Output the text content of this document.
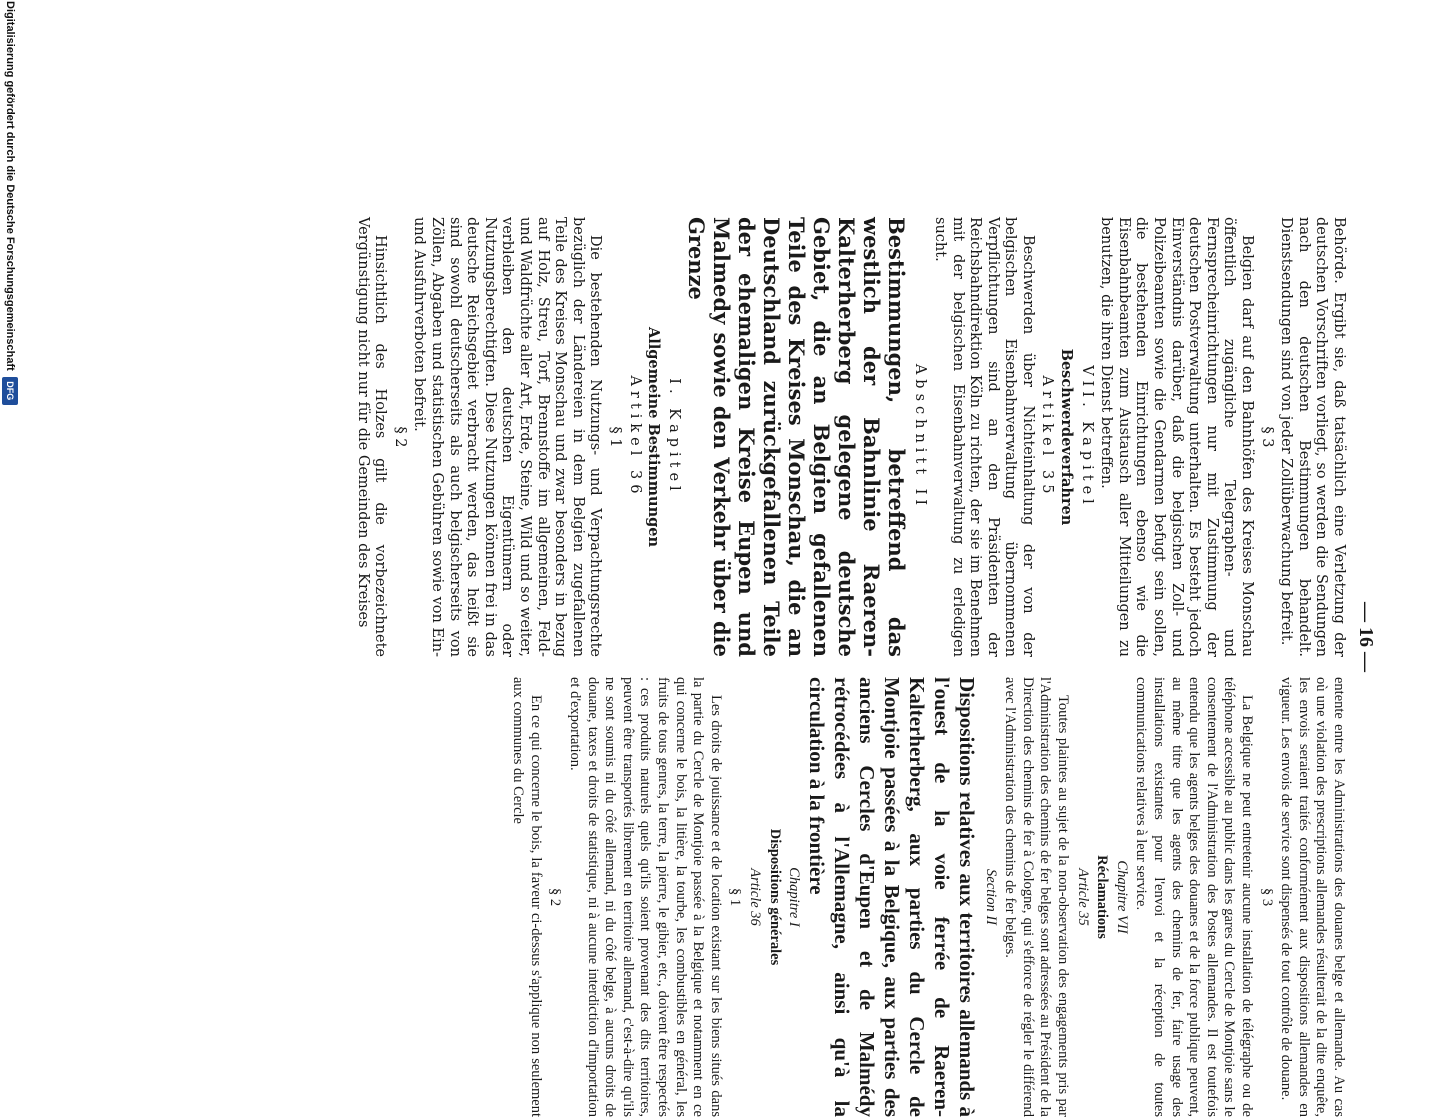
— 16 —

Behörde. Ergibt sie, daß tatsächlich eine Verletzung der deutschen Vorschriften vorliegt, so werden die Sendungen nach den deutschen Bestimmungen behandelt. Dienstsendungen sind von jeder Zollüberwachung befreit.

§ 3

Belgien darf auf den Bahnhöfen des Kreises Monschau öffentlich zugängliche Telegraphen- und Fernsprecheinrichtungen nur mit Zustimmung der deutschen Postverwaltung unterhalten. Es besteht jedoch Einverständnis darüber, daß die belgischen Zoll- und Polizeibeamten sowie die Gendarmen befugt sein sollen, die bestehenden Einrichtungen ebenso wie die Eisenbahnbeamten zum Austausch aller Mitteilungen zu benutzen, die ihren Dienst betreffen.

VII. Kapitel

Beschwerdeverfahren

Artikel 35

Beschwerden über Nichteinhaltung der von der belgischen Eisenbahnverwaltung übernommenen Verpflichtungen sind an den Präsidenten der Reichsbahndirektion Köln zu richten, der sie im Benehmen mit der belgischen Eisenbahnverwaltung zu erledigen sucht.

Abschnitt II

Bestimmungen, betreffend das westlich der Bahnlinie Raeren-Kalterherberg gelegene deutsche Gebiet, die an Belgien gefallenen Teile des Kreises Monschau, die an Deutschland zurückgefallenen Teile der ehemaligen Kreise Eupen und Malmedy sowie den Verkehr über die Grenze

I. Kapitel

Allgemeine Bestimmungen

Artikel 36

§ 1

Die bestehenden Nutzungs- und Verpachtungsrechte bezüglich der Ländereien in dem Belgien zugefallenen Teile des Kreises Monschau und zwar besonders in bezug auf Holz, Streu, Torf, Brennstoffe im allgemeinen, Feld- und Waldfrüchte aller Art, Erde, Steine, Wild und so weiter, verbleiben den deutschen Eigentümern oder Nutzungsberechtigten. Diese Nutzungen können frei in das deutsche Reichsgebiet verbracht werden, das heißt sie sind sowohl deutscherseits als auch belgischerseits von Zöllen, Abgaben und statistischen Gebühren sowie von Ein- und Ausfuhrverboten befreit.

§ 2

Hinsichtlich des Holzes gilt die vorbezeichnete Vergünstigung nicht nur für die Gemeinden des Kreises

entente entre les Administrations des douanes belge et allemande. Au cas où une violation des prescriptions allemandes résulterait de la dite enquête, les envois seraient traités conformément aux dispositions allemandes en vigueur. Les envois de service sont dispensés de tout contrôle de douane.

§ 3

La Belgique ne peut entretenir aucune installation de télégraphe ou de téléphone accessible au public dans les gares du Cercle de Montjoie sans le consentement de l'Administration des Postes allemandes. Il est toutefois entendu que les agents belges des douanes et de la force publique peuvent, au même titre que les agents des chemins de fer, faire usage des installations existantes pour l'envoi et la réception de toutes communications relatives à leur service.

Chapitre VII

Réclamations

Article 35

Toutes plaintes au sujet de la non-observation des engagements pris par l'Administration des chemins de fer belges sont adressées au Président de la Direction des chemins de fer à Cologne, qui s'efforce de régler le différend avec l'Administration des chemins de fer belges.

Section II

Dispositions relatives aux territoires allemands à l'ouest de la voie ferrée de Raeren-Kalterherberg, aux parties du Cercle de Montjoie passées à la Belgique, aux parties des anciens Cercles d'Eupen et de Malmédy rétrocédées à l'Allemagne, ainsi qu'à la circulation à la frontière

Chapitre I

Dispositions générales

Article 36

§ 1

Les droits de jouissance et de location existant sur les biens situés dans la partie du Cercle de Montjoie passée à la Belgique et notamment en ce qui concerne le bois, la litière, la tourbe, les combustibles en général, les fruits de tous genres, la terre, la pierre, le gibier, etc., doivent être respectés : ces produits naturels quels qu'ils soient provenant des dits territoires, peuvent être transportés librement en territoire allemand, c'est-à-dire qu'ils ne sont soumis ni du côté allemand, ni du côté belge, à aucuns droits de douane, taxes et droits de statistique, ni à aucune interdiction d'importation et d'exportation.

§ 2

En ce qui concerne le bois, la faveur ci-dessus s'applique non seulement aux communes du Cercle

Digitalisierung gefördert durch die Deutsche Forschungsgemeinschaft
DFG
